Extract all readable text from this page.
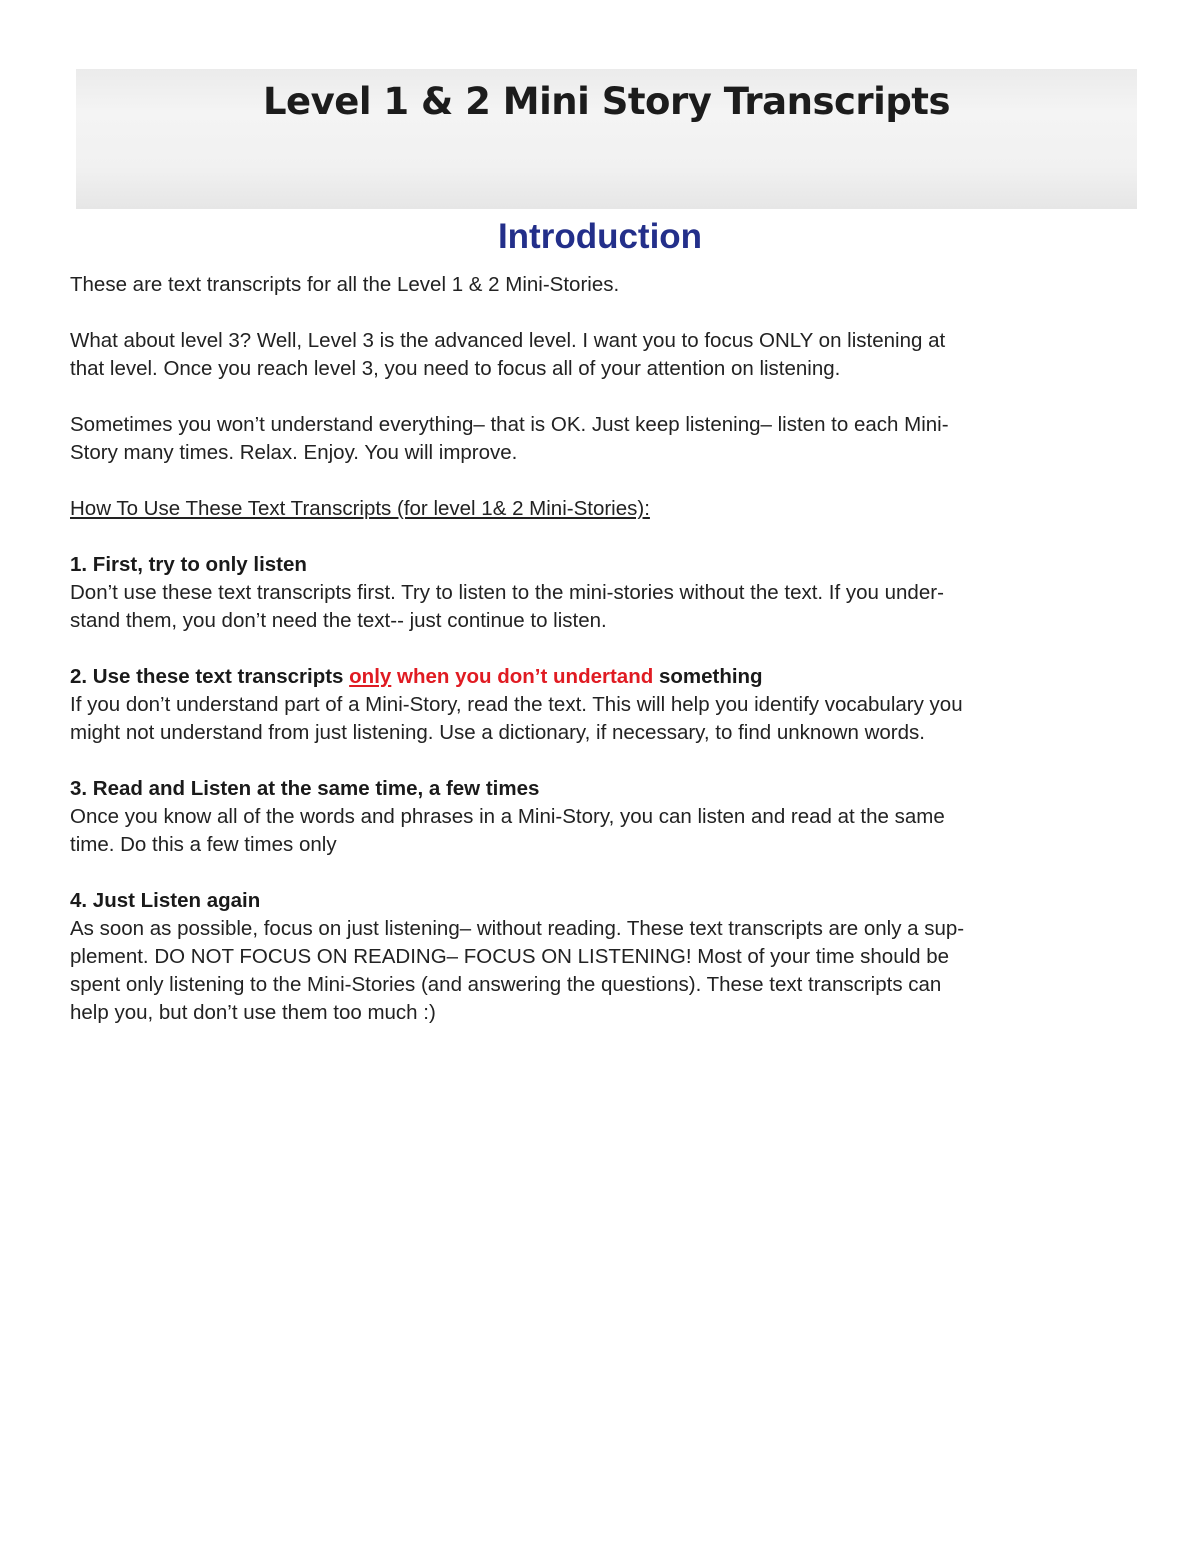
Level 1 & 2 Mini Story Transcripts
Introduction

These are text transcripts for all the Level 1 & 2 Mini-Stories.

What about level 3? Well, Level 3 is the advanced level. I want you to focus ONLY on listening at
that level. Once you reach level 3, you need to focus all of your attention on listening.

Sometimes you won’t understand everything– that is OK. Just keep listening– listen to each Mini-
Story many times. Relax. Enjoy. You will improve.

How To Use These Text Transcripts (for level 1& 2 Mini-Stories):

1. First, try to only listen
Don’t use these text transcripts first. Try to listen to the mini-stories without the text. If you under-
stand them, you don’t need the text-- just continue to listen.

2. Use these text transcripts only when you don’t undertand something
If you don’t understand part of a Mini-Story, read the text. This will help you identify vocabulary you
might not understand from just listening. Use a dictionary, if necessary, to find unknown words.

3. Read and Listen at the same time, a few times
Once you know all of the words and phrases in a Mini-Story, you can listen and read at the same
time. Do this a few times only

4. Just Listen again
As soon as possible, focus on just listening– without reading. These text transcripts are only a sup-
plement. DO NOT FOCUS ON READING– FOCUS ON LISTENING! Most of your time should be
spent only listening to the Mini-Stories (and answering the questions). These text transcripts can
help you, but don’t use them too much :)
